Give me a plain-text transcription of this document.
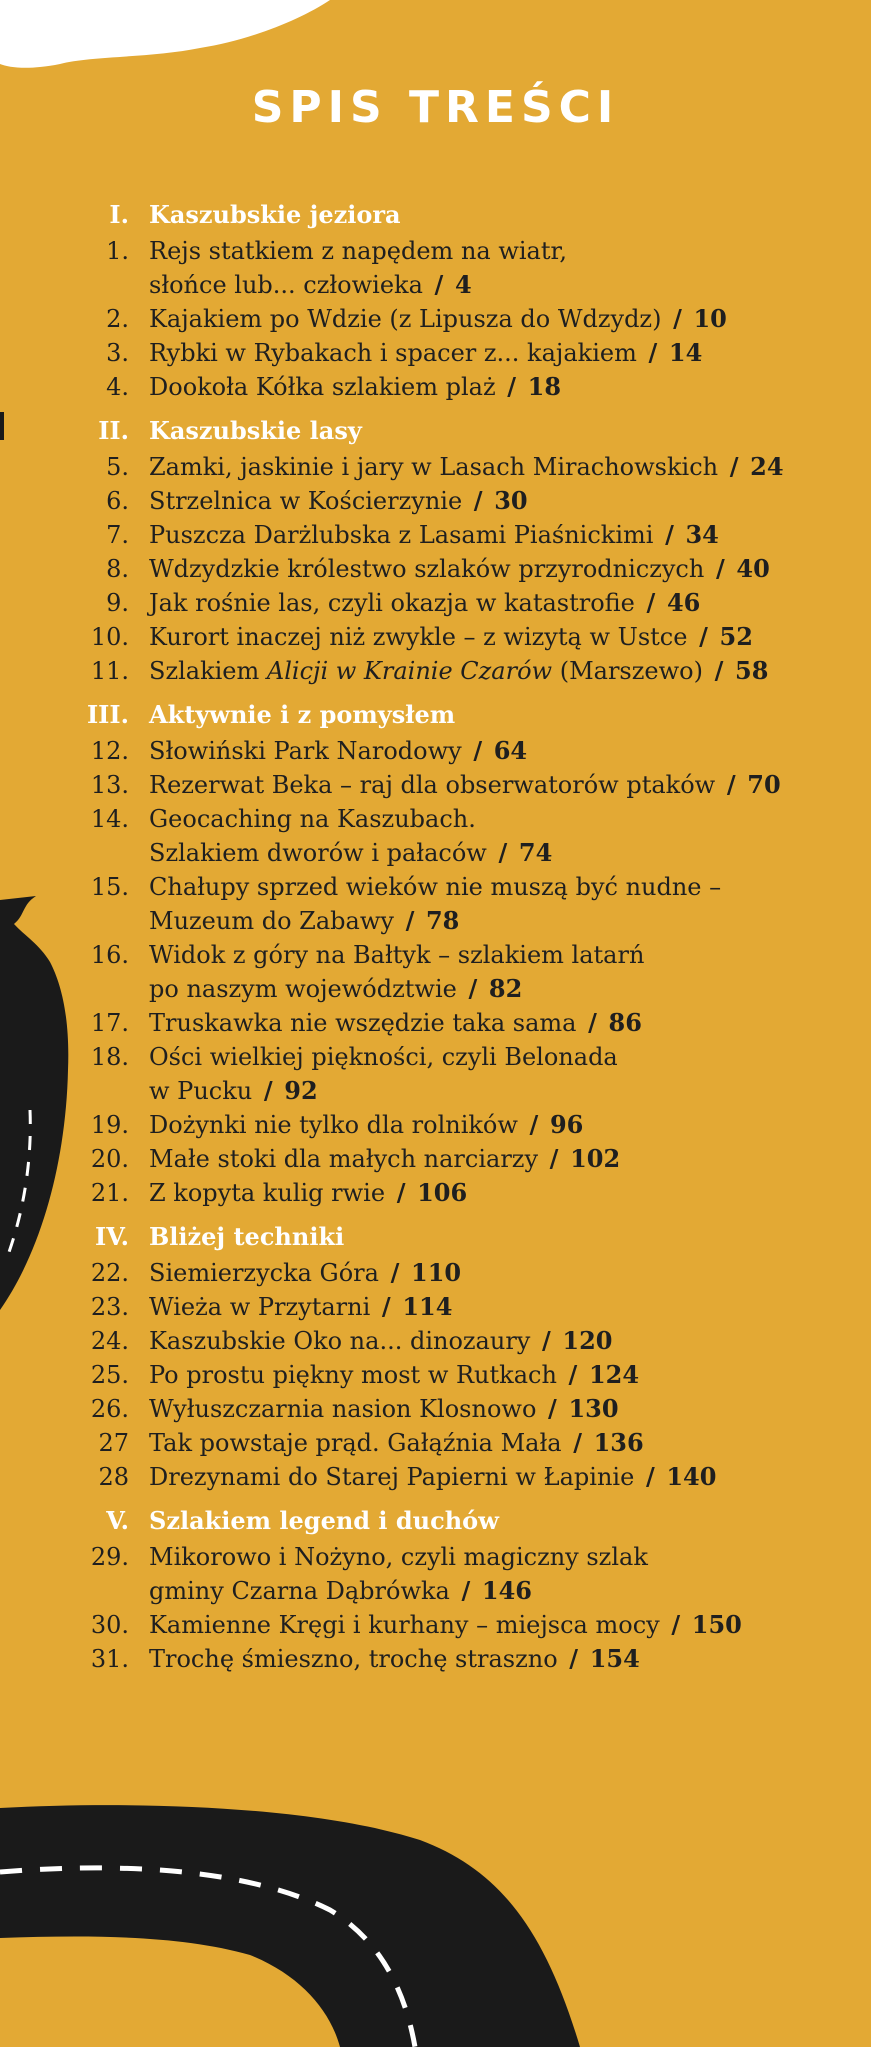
SPIS TREŚCI
I. Kaszubskie jeziora
1. Rejs statkiem z napędem na wiatr,
słońce lub... człowieka / 4
2. Kajakiem po Wdzie (z Lipusza do Wdzydz) / 10
3. Rybki w Rybakach i spacer z... kajakiem / 14
4. Dookoła Kółka szlakiem plaż / 18
II. Kaszubskie lasy
5. Zamki, jaskinie i jary w Lasach Mirachowskich / 24
6. Strzelnica w Kościerzynie / 30
7. Puszcza Darżlubska z Lasami Piaśnickimi / 34
8. Wdzydzkie królestwo szlaków przyrodniczych / 40
9. Jak rośnie las, czyli okazja w katastrofie / 46
10. Kurort inaczej niż zwykle – z wizytą w Ustce / 52
11. Szlakiem Alicji w Krainie Czarów (Marszewo) / 58
III. Aktywnie i z pomysłem
12. Słowiński Park Narodowy / 64
13. Rezerwat Beka – raj dla obserwatorów ptaków / 70
14. Geocaching na Kaszubach.
Szlakiem dworów i pałaców / 74
15. Chałupy sprzed wieków nie muszą być nudne –
Muzeum do Zabawy / 78
16. Widok z góry na Bałtyk – szlakiem latarń
po naszym województwie / 82
17. Truskawka nie wszędzie taka sama / 86
18. Ości wielkiej piękności, czyli Belonada
w Pucku / 92
19. Dożynki nie tylko dla rolników / 96
20. Małe stoki dla małych narciarzy / 102
21. Z kopyta kulig rwie / 106
IV. Bliżej techniki
22. Siemierzycka Góra / 110
23. Wieża w Przytarni / 114
24. Kaszubskie Oko na... dinozaury / 120
25. Po prostu piękny most w Rutkach / 124
26. Wyłuszczarnia nasion Klosnowo / 130
27 Tak powstaje prąd. Gałąźnia Mała / 136
28 Drezynami do Starej Papierni w Łapinie / 140
V. Szlakiem legend i duchów
29. Mikorowo i Nożyno, czyli magiczny szlak
gminy Czarna Dąbrówka / 146
30. Kamienne Kręgi i kurhany – miejsca mocy / 150
31. Trochę śmieszno, trochę straszno / 154
